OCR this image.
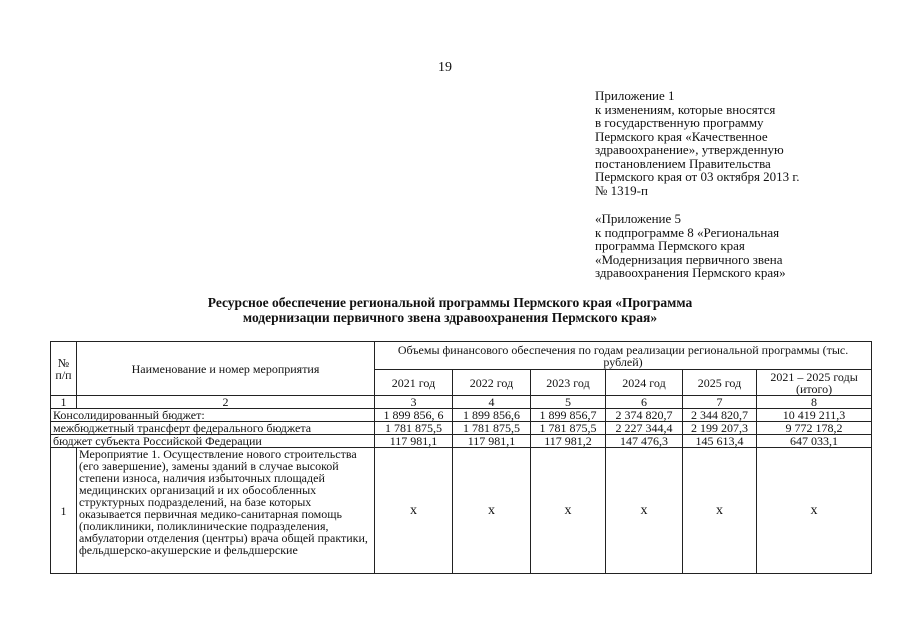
19
Приложение 1
к изменениям, которые вносятся
в государственную программу
Пермского края «Качественное
здравоохранение», утвержденную
постановлением Правительства
Пермского края от 03 октября 2013 г.
№ 1319-п
«Приложение 5
к подпрограмме 8 «Региональная
программа Пермского края
«Модернизация первичного звена
здравоохранения Пермского края»
Ресурсное обеспечение региональной программы Пермского края «Программа
модернизации первичного звена здравоохранения Пермского края»
№ п/п	Наименование и номер мероприятия	Объемы финансового обеспечения по годам реализации региональной программы (тыс. рублей)					
		2021 год	2022 год	2023 год	2024 год	2025 год	2021 – 2025 годы (итого)
1	2	3	4	5	6	7	8
Консолидированный бюджет:		1 899 856, 6	1 899 856,6	1 899 856,7	2 374 820,7	2 344 820,7	10 419 211,3
межбюджетный трансферт федерального бюджета		1 781 875,5	1 781 875,5	1 781 875,5	2 227 344,4	2 199 207,3	9 772 178,2
бюджет субъекта Российской Федерации		117 981,1	117 981,1	117 981,2	147 476,3	145 613,4	647 033,1
1	Мероприятие 1. Осуществление нового строительства (его завершение), замены зданий в случае высокой степени износа, наличия избыточных площадей медицинских организаций и их обособленных структурных подразделений, на базе которых оказывается первичная медико-санитарная помощь (поликлиники, поликлинические подразделения, амбулатории отделения (центры) врача общей практики, фельдшерско-акушерские и фельдшерские	х	х	х	х	х	х
